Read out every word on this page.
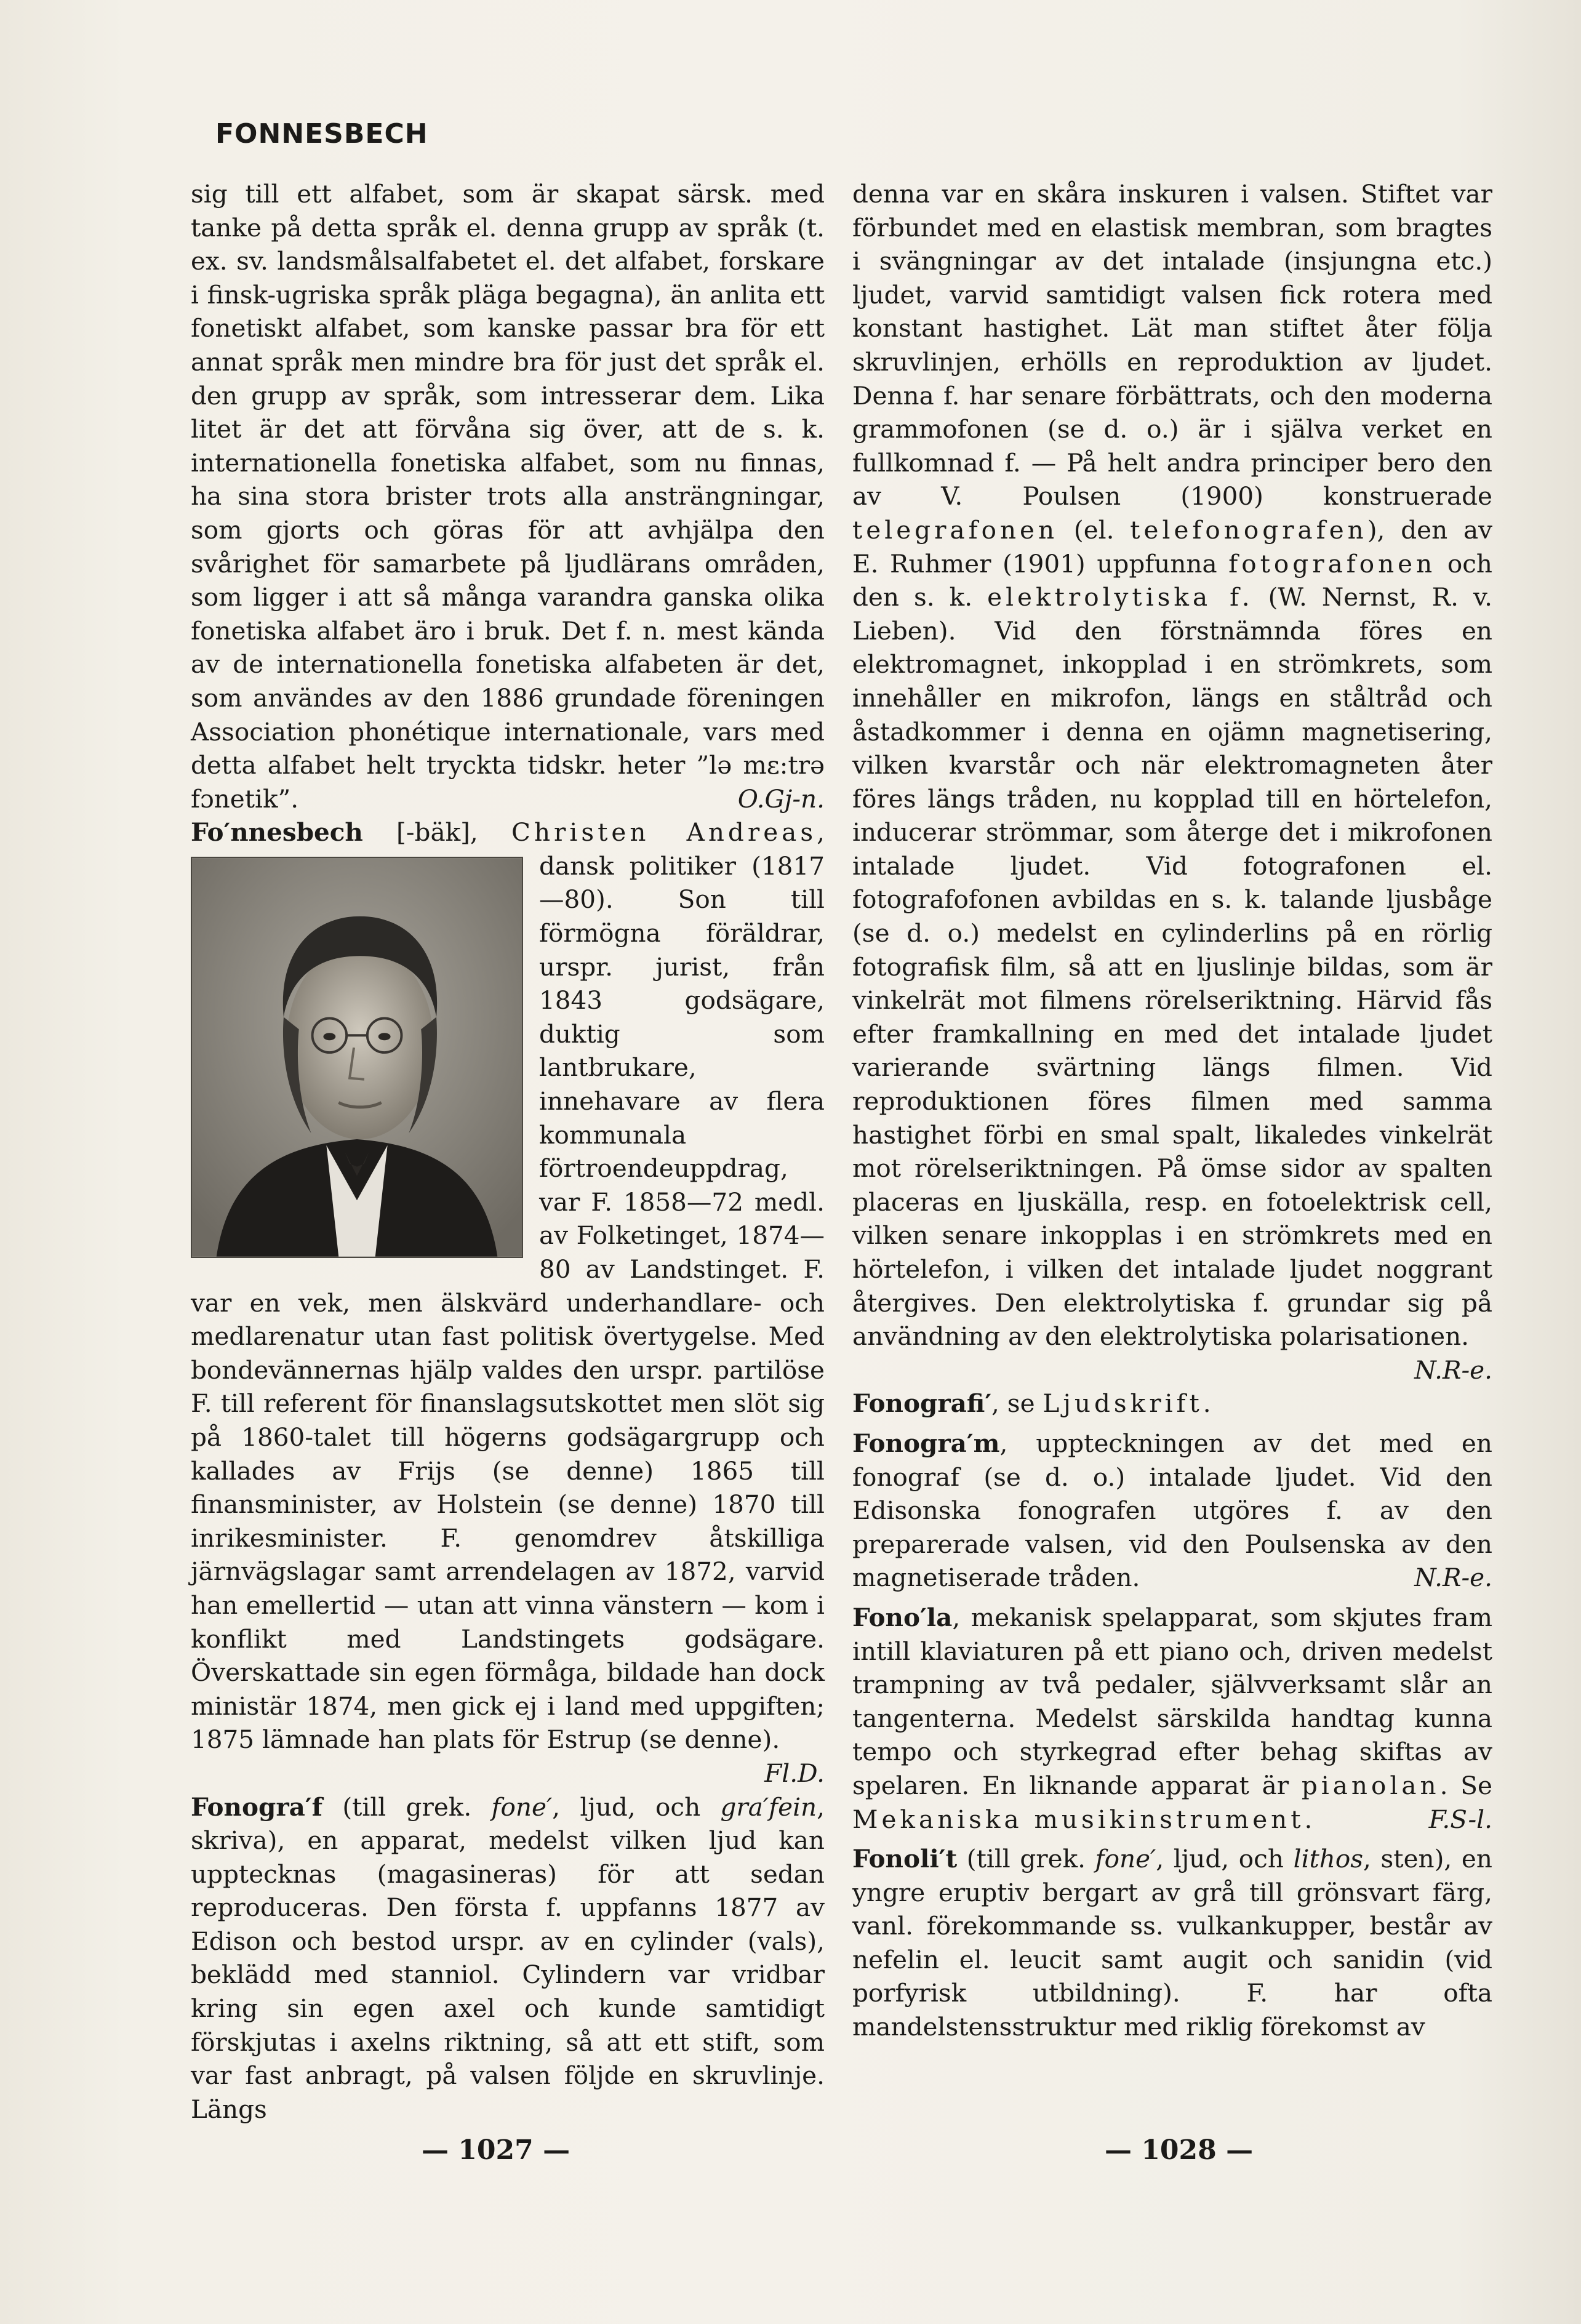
FONNESBECH

sig till ett alfabet, som är skapat särsk. med tanke på detta språk el. denna grupp av språk (t. ex. sv. landsmålsalfabetet el. det alfabet, forskare i finsk-ugriska språk pläga begagna), än anlita ett fonetiskt alfabet, som kanske passar bra för ett annat språk men mindre bra för just det språk el. den grupp av språk, som intresserar dem. Lika litet är det att förvåna sig över, att de s. k. internationella fonetiska alfabet, som nu finnas, ha sina stora brister trots alla ansträngningar, som gjorts och göras för att avhjälpa den svårighet för samarbete på ljudlärans områden, som ligger i att så många varandra ganska olika fonetiska alfabet äro i bruk. Det f. n. mest kända av de internationella fonetiska alfabeten är det, som användes av den 1886 grundade föreningen Association phonétique internationale, vars med detta alfabet helt tryckta tidskr. heter ”lə mɛ:trə fɔnetik”.	O.Gj-n.

Fo′nnesbech [-bäk], Christen Andreas
, dansk politiker (1817—80). Son till förmögna föräldrar, urspr. jurist, från 1843 godsägare, duktig som lantbrukare, innehavare av flera kommunala förtroendeuppdrag, var F. 1858—72 medl. av Folketinget, 1874—80 av Landstinget. F. var en vek, men älskvärd underhandlare- och medlarenatur utan fast politisk övertygelse. Med bondevännernas hjälp valdes den urspr. partilöse F. till referent för finanslagsutskottet men slöt sig på 1860-talet till högerns godsägargrupp och kallades av Frijs (se denne) 1865 till finansminister, av Holstein (se denne) 1870 till inrikesminister. F. genomdrev åtskilliga järnvägslagar samt arrendelagen av 1872, varvid han emellertid — utan att vinna vänstern — kom i konflikt med Landstingets godsägare. Överskattade sin egen förmåga, bildade han dock ministär 1874, men gick ej i land med uppgiften; 1875 lämnade han plats för Estrup (se denne).
Fl.D.

Fonogra′f (till grek. fone′, ljud, och gra′fein, skriva), en apparat, medelst vilken ljud kan upptecknas (magasineras) för att sedan reproduceras. Den första f. uppfanns 1877 av Edison och bestod urspr. av en cylinder (vals), beklädd med stanniol. Cylindern var vridbar kring sin egen axel och kunde samtidigt förskjutas i axelns riktning, så att ett stift, som var fast anbragt, på valsen följde en skruvlinje. Längs

denna var en skåra inskuren i valsen. Stiftet var förbundet med en elastisk membran, som bragtes i svängningar av det intalade (insjungna etc.) ljudet, varvid samtidigt valsen fick rotera med konstant hastighet. Lät man stiftet åter följa skruvlinjen, erhölls en reproduktion av ljudet. Denna f. har senare förbättrats, och den moderna grammofonen (se d. o.) är i själva verket en fullkomnad f. — På helt andra principer bero den av V. Poulsen (1900) konstruerade telegrafonen (el. telefonografen), den av E. Ruhmer (1901) uppfunna fotografonen och den s. k. elektrolytiska f. (W. Nernst, R. v. Lieben). Vid den förstnämnda föres en elektromagnet, inkopplad i en strömkrets, som innehåller en mikrofon, längs en ståltråd och åstadkommer i denna en ojämn magnetisering, vilken kvarstår och när elektromagneten åter föres längs tråden, nu kopplad till en hörtelefon, inducerar strömmar, som återge det i mikrofonen intalade ljudet. Vid fotografonen el. fotografofonen avbildas en s. k. talande ljusbåge (se d. o.) medelst en cylinderlins på en rörlig fotografisk film, så att en ljuslinje bildas, som är vinkelrät mot filmens rörelseriktning. Härvid fås efter framkallning en med det intalade ljudet varierande svärtning längs filmen. Vid reproduktionen föres filmen med samma hastighet förbi en smal spalt, likaledes vinkelrät mot rörelseriktningen. På ömse sidor av spalten placeras en ljuskälla, resp. en fotoelektrisk cell, vilken senare inkopplas i en strömkrets med en hörtelefon, i vilken det intalade ljudet noggrant återgives. Den elektrolytiska f. grundar sig på användning av den elektrolytiska polarisationen.
N.R-e.

Fonografi′, se Ljudskrift.

Fonogra′m, uppteckningen av det med en fonograf (se d. o.) intalade ljudet. Vid den Edisonska fonografen utgöres f. av den preparerade valsen, vid den Poulsenska av den magnetiserade tråden.	N.R-e.

Fono′la, mekanisk spelapparat, som skjutes fram intill klaviaturen på ett piano och, driven medelst trampning av två pedaler, självverksamt slår an tangenterna. Medelst särskilda handtag kunna tempo och styrkegrad efter behag skiftas av spelaren. En liknande apparat är pianolan. Se Mekaniska musikinstrument.	F.S-l.

Fonoli′t (till grek. fone′, ljud, och lithos, sten), en yngre eruptiv bergart av grå till grönsvart färg, vanl. förekommande ss. vulkankupper, består av nefelin el. leucit samt augit och sanidin (vid porfyrisk utbildning). F. har ofta mandelstensstruktur med riklig förekomst av

— 1027 —	— 1028 —
